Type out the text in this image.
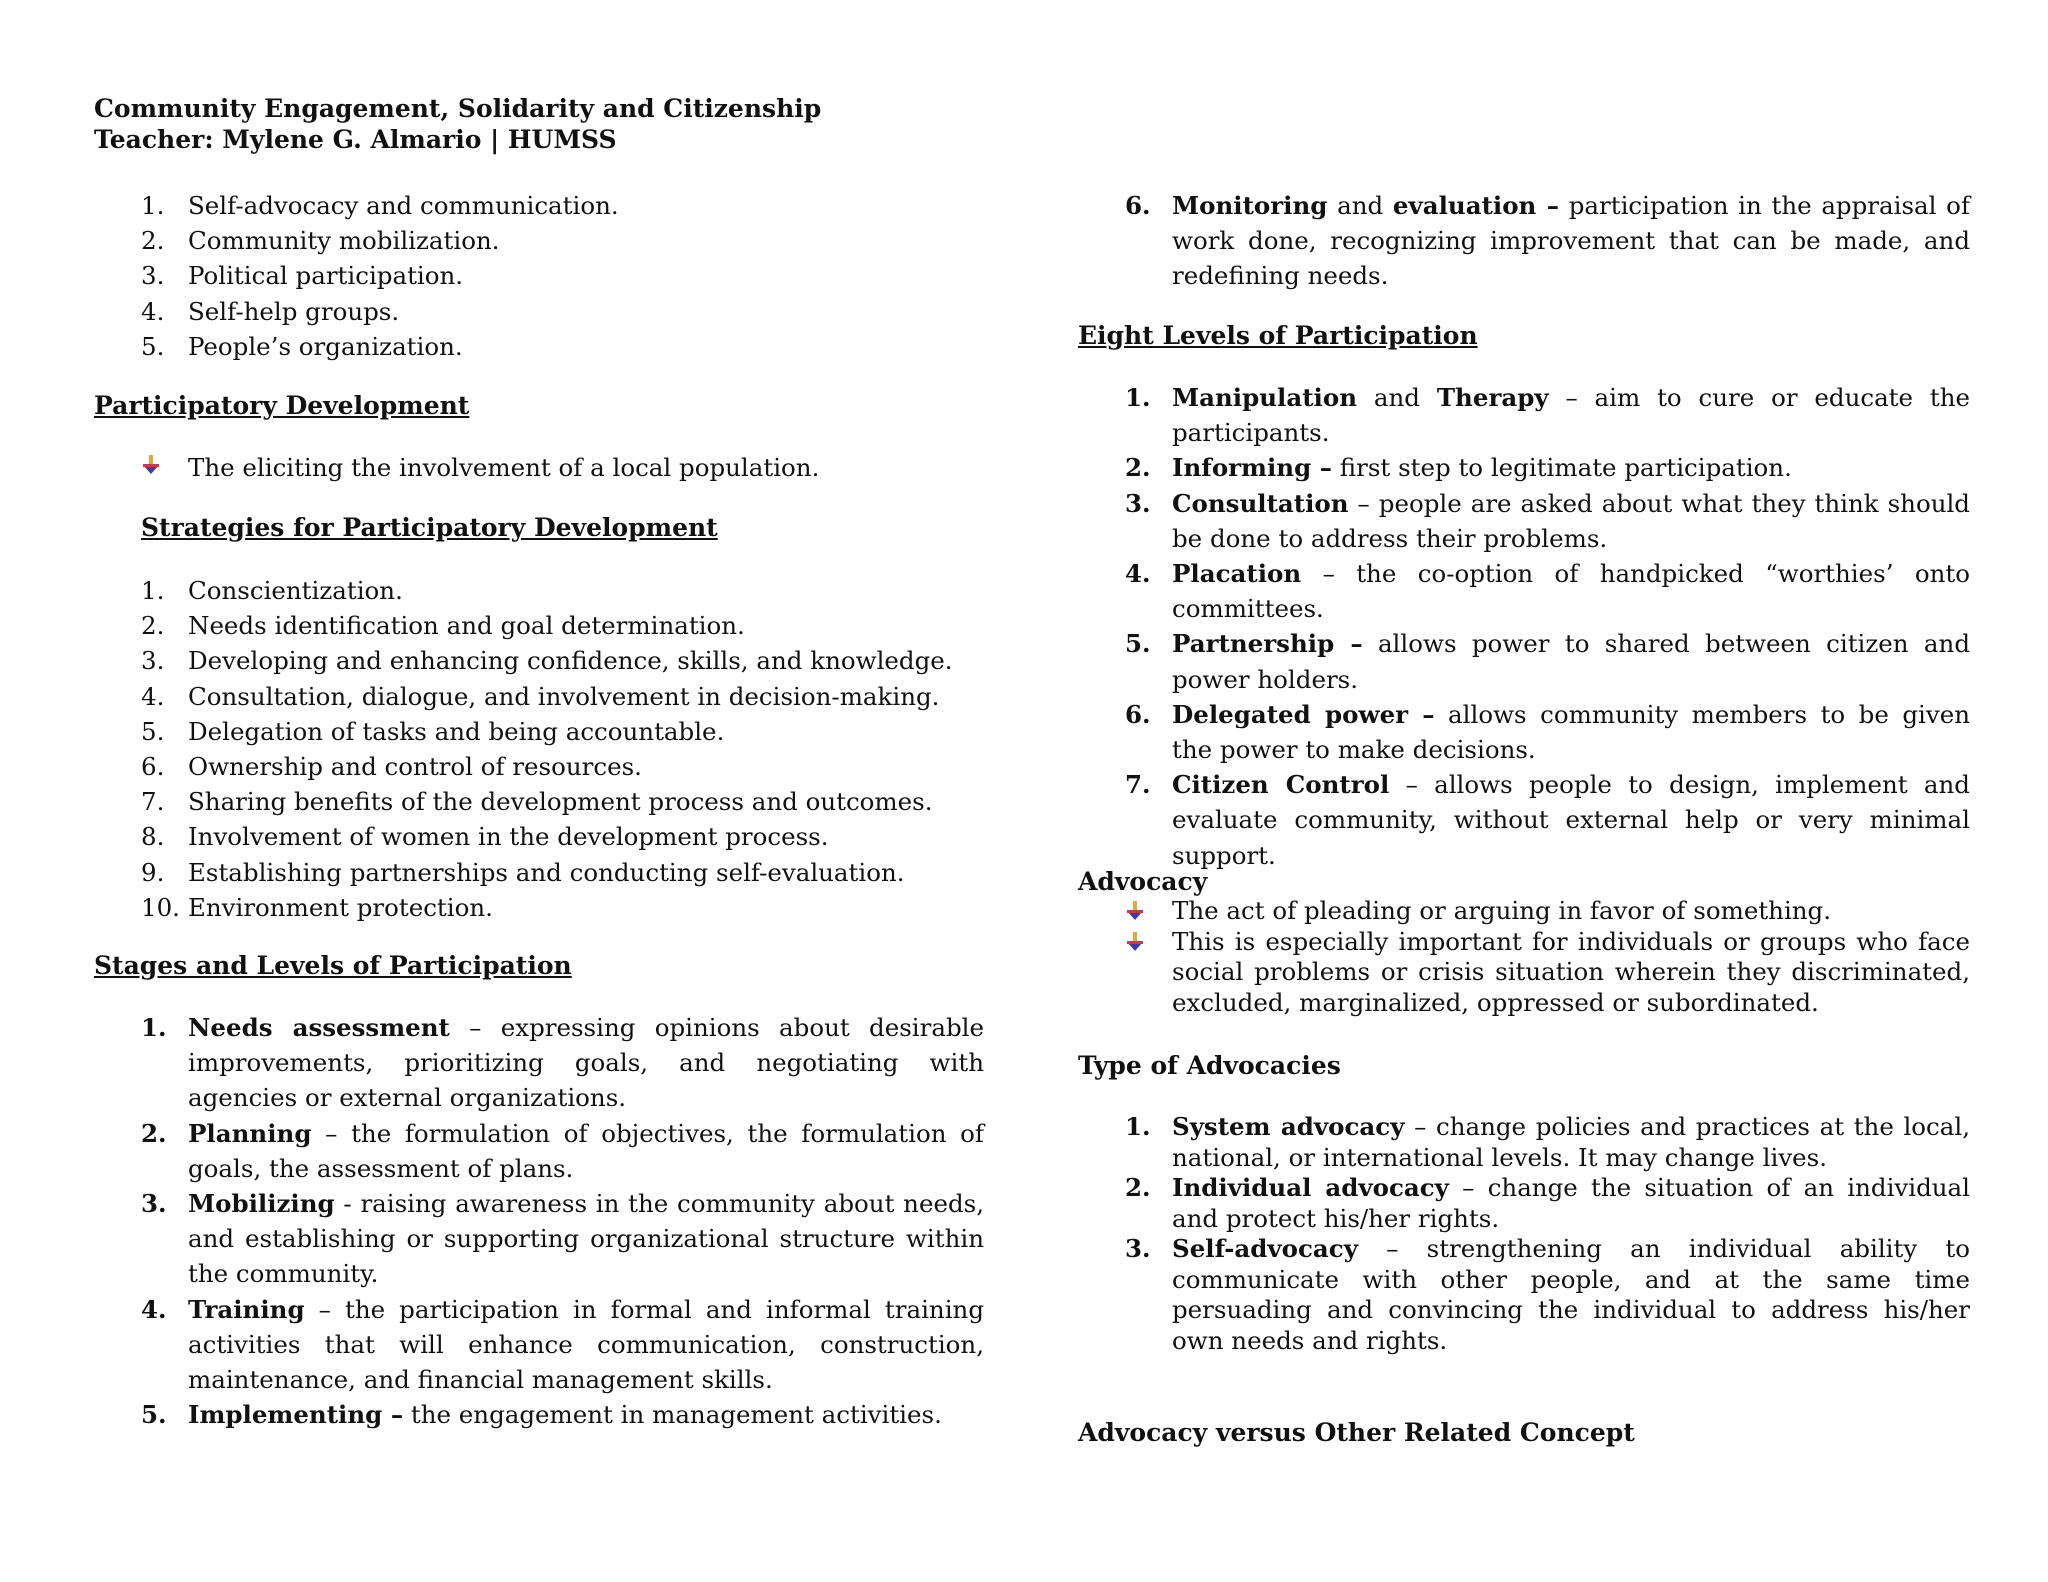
Community Engagement, Solidarity and Citizenship
Teacher: Mylene G. Almario | HUMSS
1. Self-advocacy and communication.
2. Community mobilization.
3. Political participation.
4. Self-help groups.
5. People’s organization.
Participatory Development
The eliciting the involvement of a local population.
Strategies for Participatory Development
1. Conscientization.
2. Needs identification and goal determination.
3. Developing and enhancing confidence, skills, and knowledge.
4. Consultation, dialogue, and involvement in decision-making.
5. Delegation of tasks and being accountable.
6. Ownership and control of resources.
7. Sharing benefits of the development process and outcomes.
8. Involvement of women in the development process.
9. Establishing partnerships and conducting self-evaluation.
10. Environment protection.
Stages and Levels of Participation
1. Needs assessment – expressing opinions about desirable improvements, prioritizing goals, and negotiating with agencies or external organizations.
2. Planning – the formulation of objectives, the formulation of goals, the assessment of plans.
3. Mobilizing - raising awareness in the community about needs, and establishing or supporting organizational structure within the community.
4. Training – the participation in formal and informal training activities that will enhance communication, construction, maintenance, and financial management skills.
5. Implementing – the engagement in management activities.
6. Monitoring and evaluation – participation in the appraisal of work done, recognizing improvement that can be made, and redefining needs.
Eight Levels of Participation
1. Manipulation and Therapy – aim to cure or educate the participants.
2. Informing – first step to legitimate participation.
3. Consultation – people are asked about what they think should be done to address their problems.
4. Placation – the co-option of handpicked “worthies’ onto committees.
5. Partnership – allows power to shared between citizen and power holders.
6. Delegated power – allows community members to be given the power to make decisions.
7. Citizen Control – allows people to design, implement and evaluate community, without external help or very minimal support.
Advocacy
The act of pleading or arguing in favor of something.
This is especially important for individuals or groups who face social problems or crisis situation wherein they discriminated, excluded, marginalized, oppressed or subordinated.
Type of Advocacies
1. System advocacy – change policies and practices at the local, national, or international levels. It may change lives.
2. Individual advocacy – change the situation of an individual and protect his/her rights.
3. Self-advocacy – strengthening an individual ability to communicate with other people, and at the same time persuading and convincing the individual to address his/her own needs and rights.
Advocacy versus Other Related Concept
